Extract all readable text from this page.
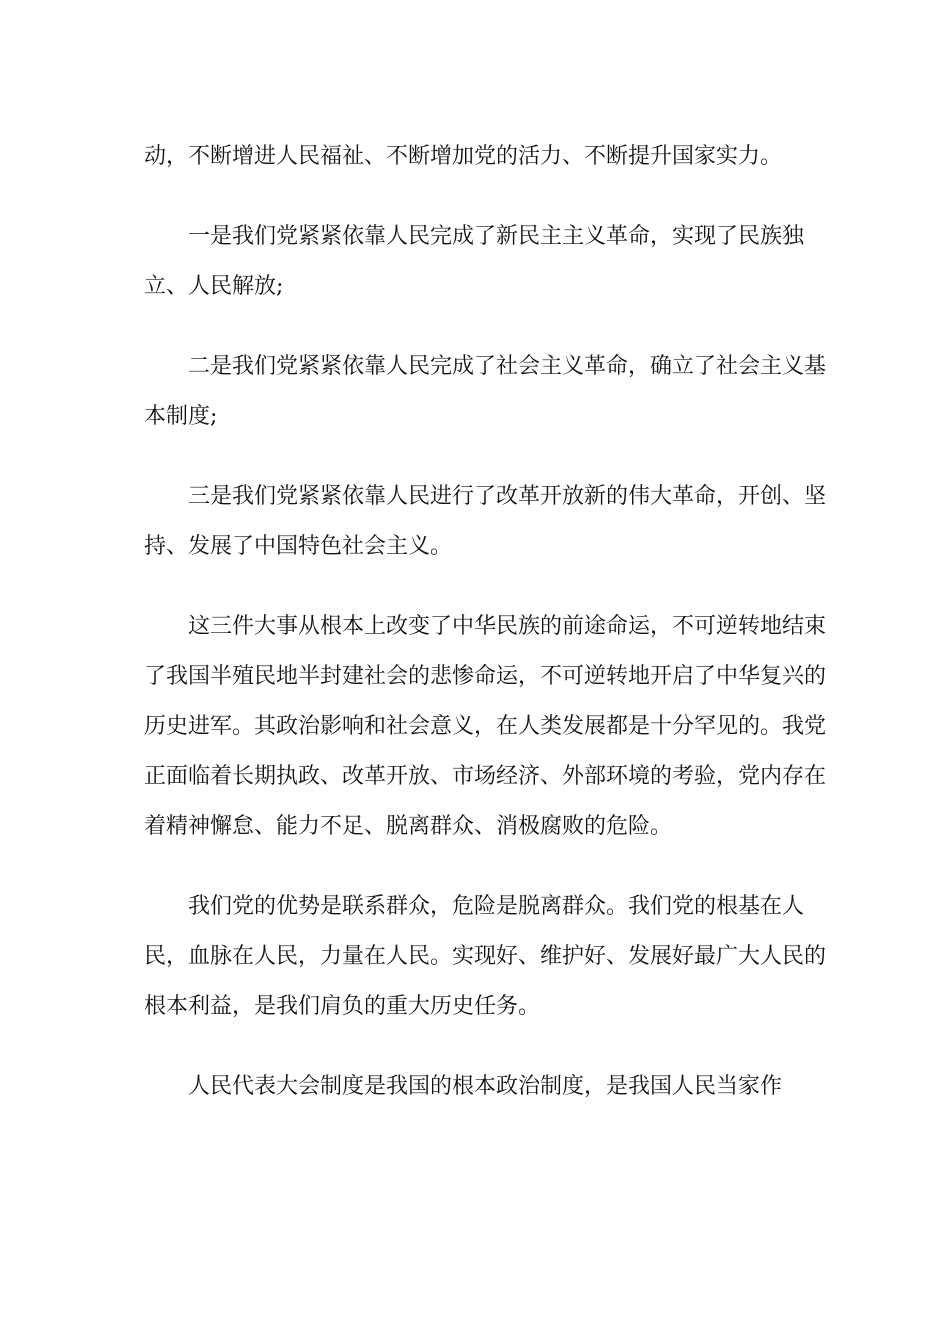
动，不断增进人民福祉、不断增加党的活力、不断提升国家实力。

一是我们党紧紧依靠人民完成了新民主主义革命，实现了民族独立、人民解放;

二是我们党紧紧依靠人民完成了社会主义革命，确立了社会主义基本制度;

三是我们党紧紧依靠人民进行了改革开放新的伟大革命，开创、坚持、发展了中国特色社会主义。

这三件大事从根本上改变了中华民族的前途命运，不可逆转地结束了我国半殖民地半封建社会的悲惨命运，不可逆转地开启了中华复兴的历史进军。其政治影响和社会意义，在人类发展都是十分罕见的。我党正面临着长期执政、改革开放、市场经济、外部环境的考验，党内存在着精神懈怠、能力不足、脱离群众、消极腐败的危险。

我们党的优势是联系群众，危险是脱离群众。我们党的根基在人民，血脉在人民，力量在人民。实现好、维护好、发展好最广大人民的根本利益，是我们肩负的重大历史任务。

人民代表大会制度是我国的根本政治制度，是我国人民当家作
